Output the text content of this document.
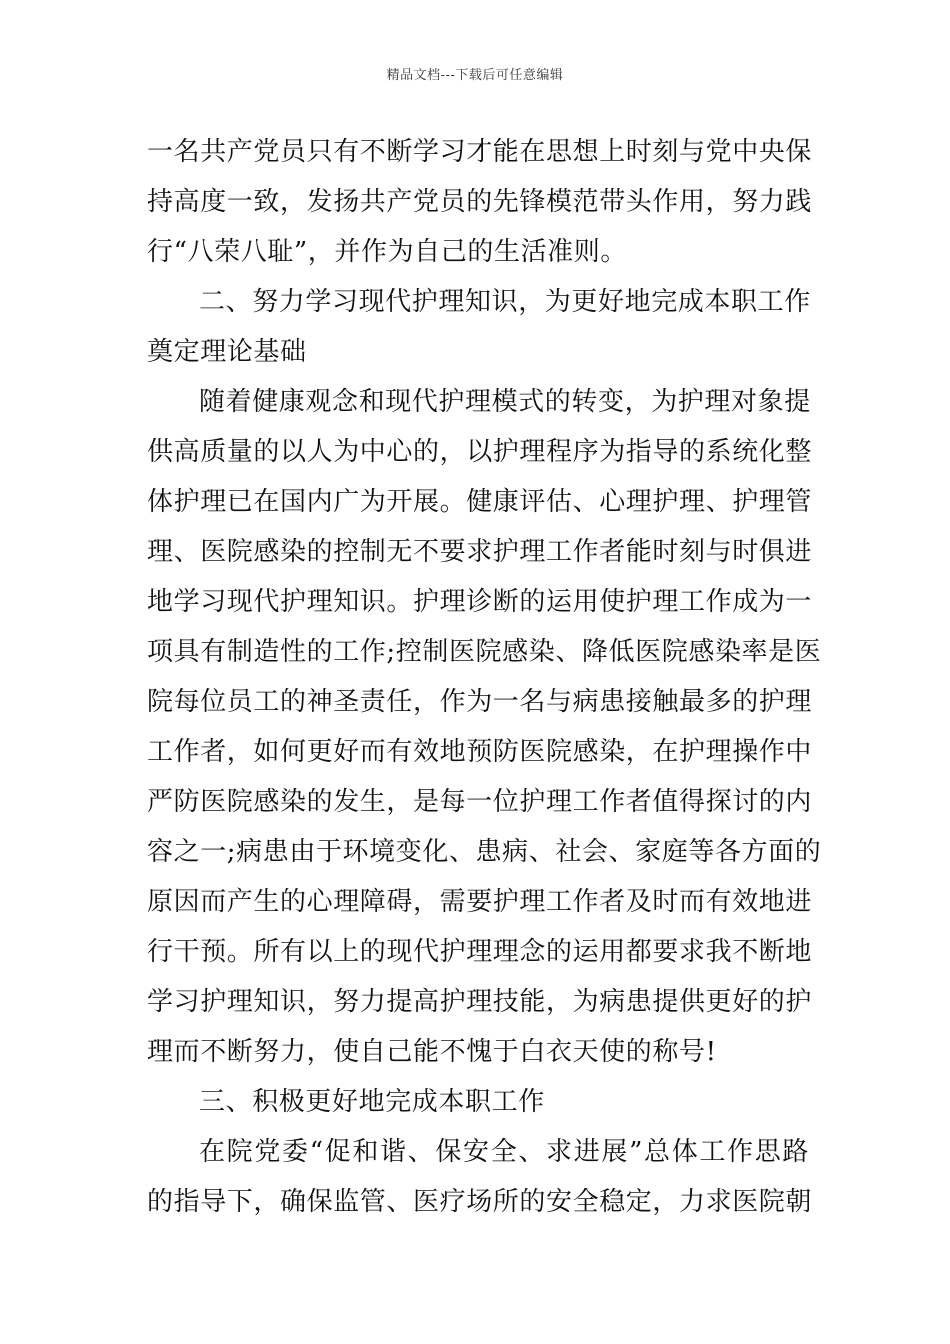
精品文档---下载后可任意编辑
一名共产党员只有不断学习才能在思想上时刻与党中央保
持高度一致，发扬共产党员的先锋模范带头作用，努力践
行“八荣八耻”，并作为自己的生活准则。
二、努力学习现代护理知识，为更好地完成本职工作
奠定理论基础
随着健康观念和现代护理模式的转变，为护理对象提
供高质量的以人为中心的，以护理程序为指导的系统化整
体护理已在国内广为开展。健康评估、心理护理、护理管
理、医院感染的控制无不要求护理工作者能时刻与时俱进
地学习现代护理知识。护理诊断的运用使护理工作成为一
项具有制造性的工作;控制医院感染、降低医院感染率是医
院每位员工的神圣责任，作为一名与病患接触最多的护理
工作者，如何更好而有效地预防医院感染，在护理操作中
严防医院感染的发生，是每一位护理工作者值得探讨的内
容之一;病患由于环境变化、患病、社会、家庭等各方面的
原因而产生的心理障碍，需要护理工作者及时而有效地进
行干预。所有以上的现代护理理念的运用都要求我不断地
学习护理知识，努力提高护理技能，为病患提供更好的护
理而不断努力，使自己能不愧于白衣天使的称号!
三、积极更好地完成本职工作
在院党委“促和谐、保安全、求进展”总体工作思路
的指导下，确保监管、医疗场所的安全稳定，力求医院朝
